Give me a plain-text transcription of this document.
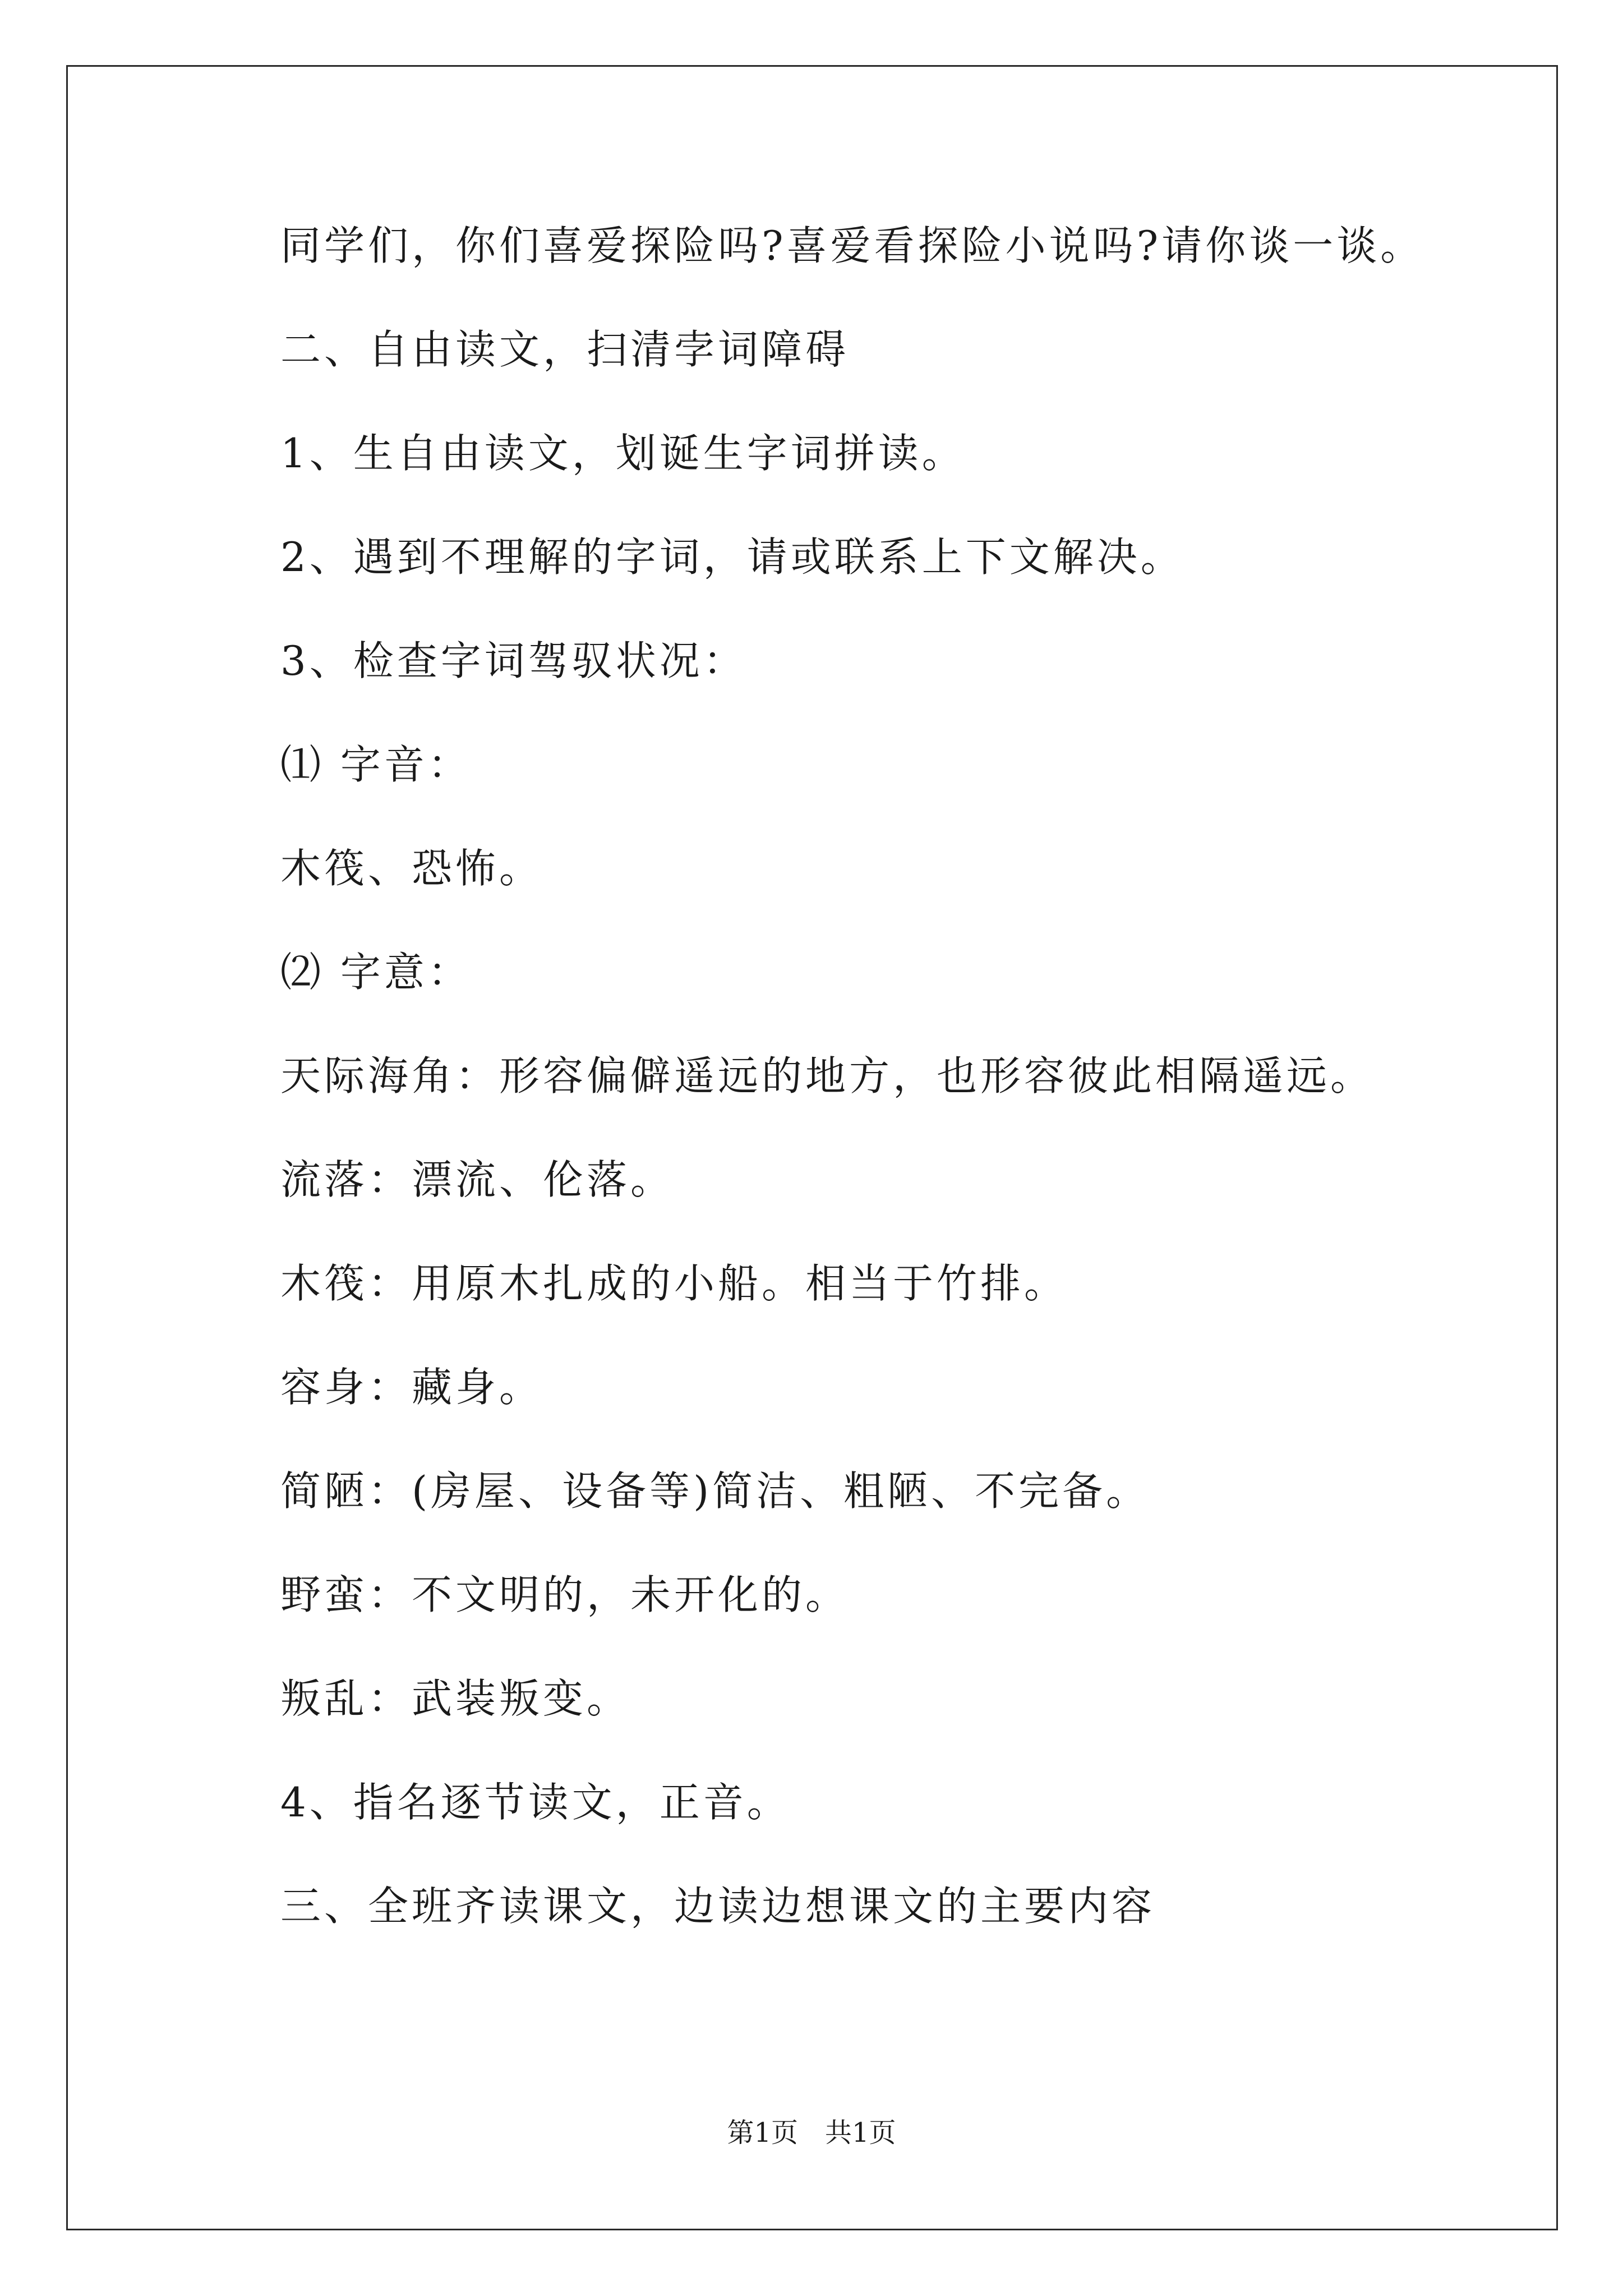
同学们，你们喜爱探险吗?喜爱看探险小说吗?请你谈一谈。
二、自由读文，扫清孛词障碍
1、生自由读文，划诞生字词拼读。
2、遇到不理解的字词，请或联系上下文解决。
3、检查字词驾驭状况：
⑴ 字音：
木筏、恐怖。
⑵ 字意：
天际海角：形容偏僻遥远的地方，也形容彼此相隔遥远。
流落：漂流、伦落。
木筏：用原木扎成的小船。相当于竹排。
容身：藏身。
简陋：(房屋、设备等)简洁、粗陋、不完备。
野蛮：不文明的，未开化的。
叛乱：武装叛变。
4、指名逐节读文，正音。
三、全班齐读课文，边读边想课文的主要内容
第1页 共1页
